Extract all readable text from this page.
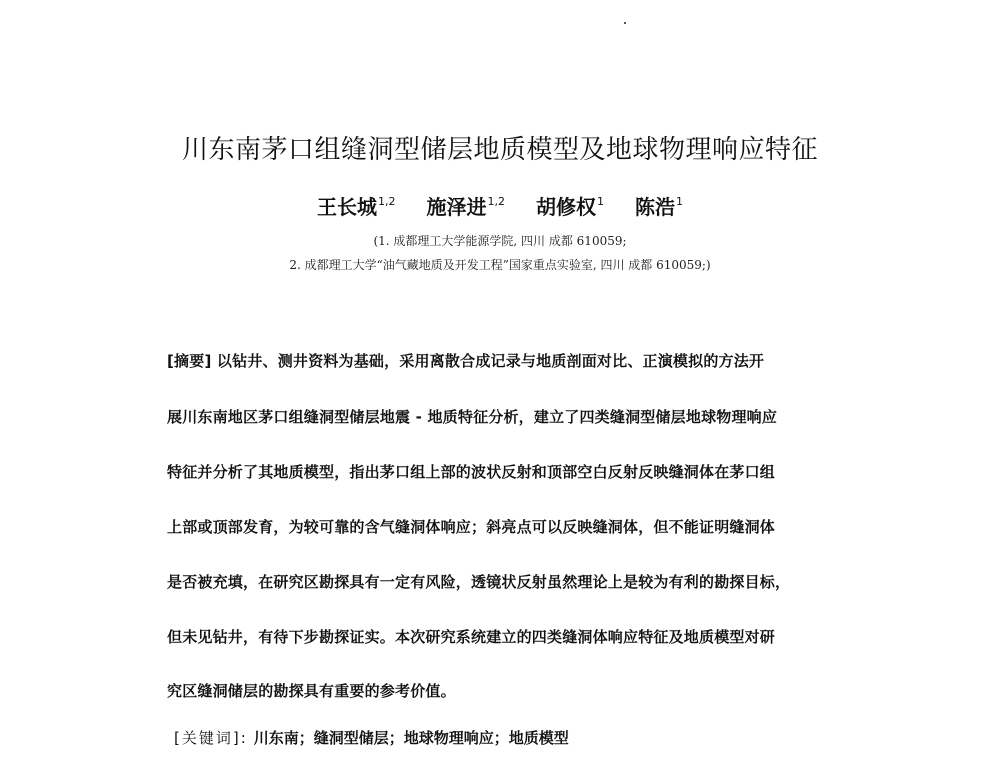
川东南茅口组缝洞型储层地质模型及地球物理响应特征
王长城$^{1,2}$ 施泽进$^{1,2}$ 胡修权$^1$ 陈浩$^1$
(1. 成都理工大学能源学院, 四川 成都 610059;
2. 成都理工大学“油气藏地质及开发工程”国家重点实验室, 四川 成都 610059;)
[摘要] 以钻井、测井资料为基础，采用离散合成记录与地质剖面对比、正演模拟的方法开
展川东南地区茅口组缝洞型储层地震 - 地质特征分析，建立了四类缝洞型储层地球物理响应
特征并分析了其地质模型，指出茅口组上部的波状反射和顶部空白反射反映缝洞体在茅口组
上部或顶部发育，为较可靠的含气缝洞体响应；斜亮点可以反映缝洞体，但不能证明缝洞体
是否被充填，在研究区勘探具有一定有风险，透镜状反射虽然理论上是较为有利的勘探目标，
但未见钻井，有待下步勘探证实。本次研究系统建立的四类缝洞体响应特征及地质模型对研
究区缝洞储层的勘探具有重要的参考价值。
[关键词]: 川东南；缝洞型储层；地球物理响应；地质模型
